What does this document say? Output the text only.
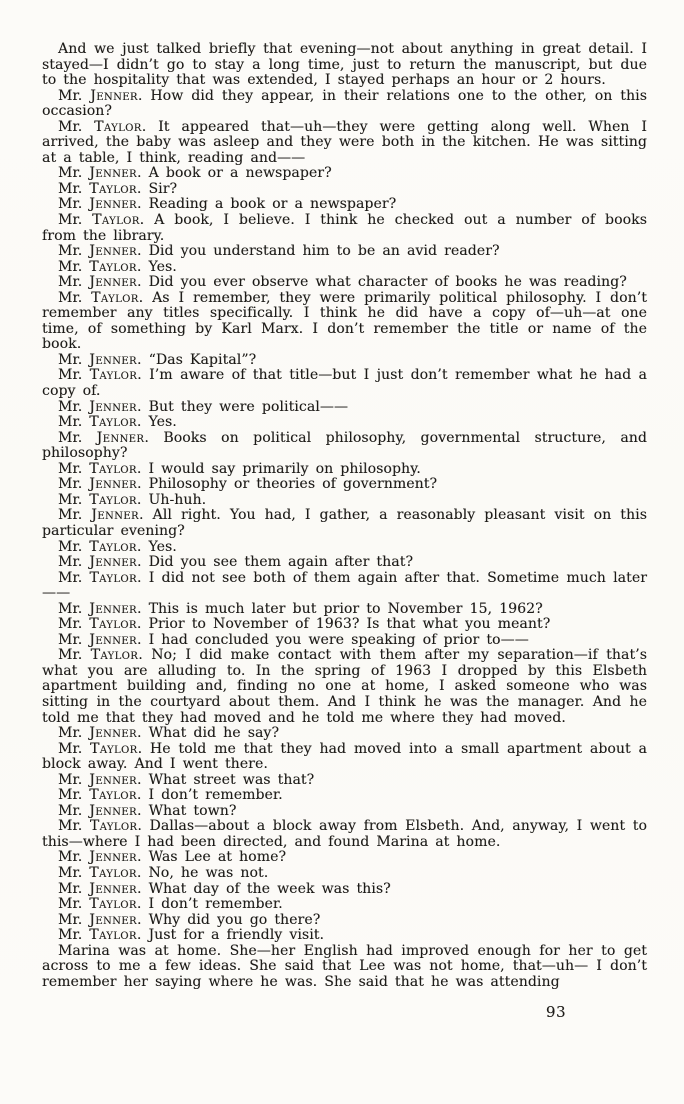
And we just talked briefly that evening—not about anything in great detail. I stayed—I didn’t go to stay a long time, just to return the manuscript, but due to the hospitality that was extended, I stayed perhaps an hour or 2 hours.

Mr. Jenner. How did they appear, in their relations one to the other, on this occasion?

Mr. Taylor. It appeared that—uh—they were getting along well. When I arrived, the baby was asleep and they were both in the kitchen. He was sitting at a table, I think, reading and——

Mr. Jenner. A book or a newspaper?

Mr. Taylor. Sir?

Mr. Jenner. Reading a book or a newspaper?

Mr. Taylor. A book, I believe. I think he checked out a number of books from the library.

Mr. Jenner. Did you understand him to be an avid reader?

Mr. Taylor. Yes.

Mr. Jenner. Did you ever observe what character of books he was reading?

Mr. Taylor. As I remember, they were primarily political philosophy. I don’t remember any titles specifically. I think he did have a copy of—uh—at one time, of something by Karl Marx. I don’t remember the title or name of the book.

Mr. Jenner. “Das Kapital”?

Mr. Taylor. I’m aware of that title—but I just don’t remember what he had a copy of.

Mr. Jenner. But they were political——

Mr. Taylor. Yes.

Mr. Jenner. Books on political philosophy, governmental structure, and philosophy?

Mr. Taylor. I would say primarily on philosophy.

Mr. Jenner. Philosophy or theories of government?

Mr. Taylor. Uh-huh.

Mr. Jenner. All right. You had, I gather, a reasonably pleasant visit on this particular evening?

Mr. Taylor. Yes.

Mr. Jenner. Did you see them again after that?

Mr. Taylor. I did not see both of them again after that. Sometime much later——

Mr. Jenner. This is much later but prior to November 15, 1962?

Mr. Taylor. Prior to November of 1963? Is that what you meant?

Mr. Jenner. I had concluded you were speaking of prior to——

Mr. Taylor. No; I did make contact with them after my separation—if that’s what you are alluding to. In the spring of 1963 I dropped by this Elsbeth apartment building and, finding no one at home, I asked someone who was sitting in the courtyard about them. And I think he was the manager. And he told me that they had moved and he told me where they had moved.

Mr. Jenner. What did he say?

Mr. Taylor. He told me that they had moved into a small apartment about a block away. And I went there.

Mr. Jenner. What street was that?

Mr. Taylor. I don’t remember.

Mr. Jenner. What town?

Mr. Taylor. Dallas—about a block away from Elsbeth. And, anyway, I went to this—where I had been directed, and found Marina at home.

Mr. Jenner. Was Lee at home?

Mr. Taylor. No, he was not.

Mr. Jenner. What day of the week was this?

Mr. Taylor. I don’t remember.

Mr. Jenner. Why did you go there?

Mr. Taylor. Just for a friendly visit.

Marina was at home. She—her English had improved enough for her to get across to me a few ideas. She said that Lee was not home, that—uh— I don’t remember her saying where he was. She said that he was attending

93
